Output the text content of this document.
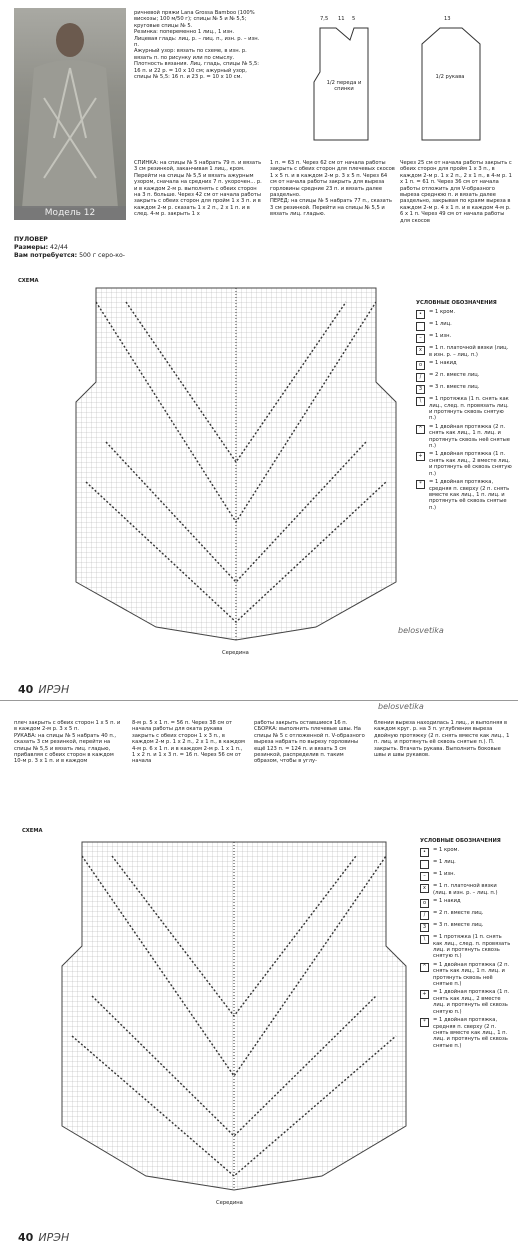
Модель 12
ПУЛОВЕР
Размеры: 42/44
Вам потребуется: 500 г серо-ко-
ричневой пряжи Lana Grossa Bamboo (100% вискозы; 100 м/50 г); спицы № 5 и № 5,5; круговые спицы № 5.
Резинка: попеременно 1 лиц., 1 изн.
Лицевая гладь: лиц. р. – лиц. п., изн. р. – изн. п.
Ажурный узор: вязать по схеме, в изн. р. вязать п. по рисунку или по смыслу.
Плотность вязания. Лиц. гладь, спицы № 5,5: 16 п. и 22 р. = 10 х 10 см; ажурный узор, спицы № 5,5: 16 п. и 23 р. = 10 х 10 см.
СПИНКА: на спицы № 5 набрать 79 п. и вязать 3 см резинкой, заканчивая 1 лиц., кром. Перейти на спицы № 5,5 и вязать ажурным узором, сначала на средних 7 п. укорочен... р. и в каждом 2-м р. выполнять с обеих сторон на 3 п. больше. Через 42 см от начала работы закрыть с обеих сторон для пройм 1 х 3 п. и в каждом 2-м р. сказать 1 х 2 п., 2 х 1 п. и в след. 4-м р. закрыть 1 х
1 п. = 63 п. Через 62 см от начала работы закрыть с обеих сторон для плечевых скосов 1 х 5 п. и в каждом 2-м р. 3 х 5 п. Через 64 см от начала работы закрыть для выреза горловины средние 23 п. и вязать далее раздельно.
ПЕРЕД: на спицы № 5 набрать 77 п., сказать 3 см резинкой. Перейти на спицы № 5,5 и вязать лиц. гладью.
Через 25 см от начала работы закрыть с обеих сторон для пройм 1 х 3 п., в каждом 2-м р. 1 х 2 п., 2 х 1 п., в 4-м р. 1 х 1 п. = 61 п. Через 36 см от начала работы отложить для V-образного выреза среднюю п. и вязать далее раздельно, закрывая по краям выреза в каждом 2-м р. 4 х 1 п. и в каждом 4-м р. 6 х 1 п. Через 49 см от начала работы для скосов
1/2 переда и спинки
1/2 рукава
7,5 11 5	13
СХЕМА
Середина
УСЛОВНЫЕ ОБОЗНАЧЕНИЯ
•	= 1 кром.
= 1 лиц.
–	= 1 изн.
x	= 1 п. платочной вязки (лиц. в изн. р. – лиц. п.)
o	= 1 накид
/	= 2 п. вместе лиц.
3	= 3 п. вместе лиц.
\	= 1 протяжка (1 п. снять как лиц., след. п. провязать лиц. и протянуть сквозь снятую п.)
^	= 1 двойная протяжка (2 п. снять как лиц., 1 п. лиц. и протянуть сквозь неё снятые п.)
+	= 1 двойная протяжка (1 п. снять как лиц., 2 вместе лиц. и протянуть её сквозь снятую п.)
*	= 1 двойная протяжка, средняя п. сверху (2 п. снять вместе как лиц., 1 п. лиц. и протянуть её сквозь снятые п.)
belosvetika
40 ИРЭН
плеч закрыть с обеих сторон 1 х 5 п. и в каждом 2-м р. 3 х 5 п.
РУКАВА: на спицы № 5 набрать 40 п., сказать 3 см резинкой, перейти на спицы № 5,5 и вязать лиц. гладью, прибавляя с обеих сторон в каждом 10-м р. 3 х 1 п. и в каждом
8-м р. 5 х 1 п. = 56 п. Через 38 см от начала работы для оката рукава закрыть с обеих сторон 1 х 3 п., в каждом 2-м р. 1 х 2 п., 2 х 1 п., в каждом 4-м р. 6 х 1 п. и в каждом 2-м р. 1 х 1 п., 1 х 2 п. и 1 х 3 п. = 16 п. Через 56 см от начала
работы закрыть оставшиеся 16 п.
СБОРКА: выполнить плечевые швы. На спицы № 5 с отложенной п. V-образного выреза набрать по вырезу горловины ещё 123 п. = 124 п. и вязать 3 см резинкой, распределив п. таким образом, чтобы в углу-
блении выреза находилась 1 лиц., и выполняя в каждом круг. р. на 3 п. углубления выреза двойную протяжку (2 п. снять вместе как лиц., 1 п. лиц. и протянуть её сквозь снятые п.). П. закрыть. Втачать рукава. Выполнить боковые швы и швы рукавов.
belosvetika
СХЕМА
Середина
УСЛОВНЫЕ ОБОЗНАЧЕНИЯ
•	= 1 кром.
= 1 лиц.
–	= 1 изн.
x	= 1 п. платочной вязки (лиц. в изн. р. – лиц. п.)
o	= 1 накид
/	= 2 п. вместе лиц.
3	= 3 п. вместе лиц.
\	= 1 протяжка (1 п. снять как лиц., след. п. провязать лиц. и протянуть сквозь снятую п.)
^	= 1 двойная протяжка (2 п. снять как лиц., 1 п. лиц. и протянуть сквозь неё снятые п.)
+	= 1 двойная протяжка (1 п. снять как лиц., 2 вместе лиц. и протянуть её сквозь снятую п.)
*	= 1 двойная протяжка, средняя п. сверху (2 п. снять вместе как лиц., 1 п. лиц. и протянуть её сквозь снятые п.)
40 ИРЭН
